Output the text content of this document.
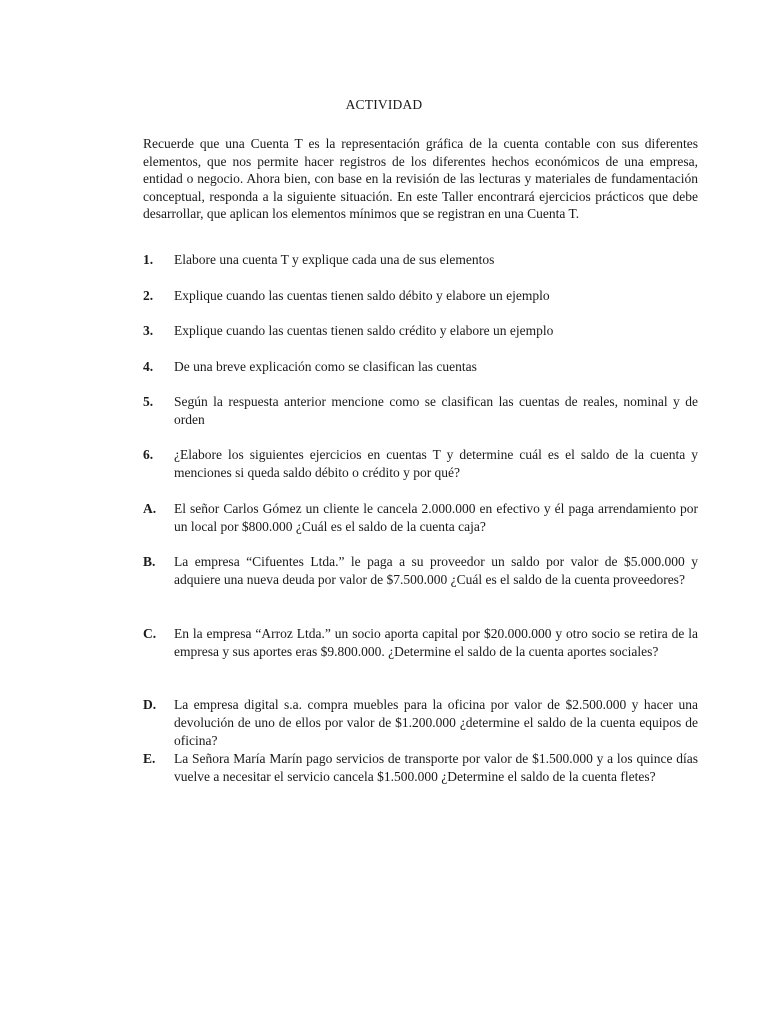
ACTIVIDAD
Recuerde que una Cuenta T es la representación gráfica de la cuenta contable con sus diferentes elementos, que nos permite hacer registros de los diferentes hechos económicos de una empresa, entidad o negocio. Ahora bien, con base en la revisión de las lecturas y materiales de fundamentación conceptual, responda a la siguiente situación. En este Taller encontrará ejercicios prácticos que debe desarrollar, que aplican los elementos mínimos que se registran en una Cuenta T.
1.	Elabore una cuenta T y explique cada una de sus elementos
2.	Explique cuando las cuentas tienen saldo débito y elabore un ejemplo
3.	Explique cuando las cuentas tienen saldo crédito y elabore un ejemplo
4.	De una breve explicación como se clasifican las cuentas
5.	Según la respuesta anterior mencione como se clasifican las cuentas de reales, nominal y de orden
6.	¿Elabore los siguientes ejercicios en cuentas T y determine cuál es el saldo de la cuenta y menciones si queda saldo débito o crédito y por qué?
A.	El señor Carlos Gómez un cliente le cancela 2.000.000 en efectivo y él paga arrendamiento por un local por $800.000 ¿Cuál es el saldo de la cuenta caja?
B.	La empresa “Cifuentes Ltda.” le paga a su proveedor un saldo por valor de $5.000.000 y adquiere una nueva deuda por valor de $7.500.000 ¿Cuál es el saldo de la cuenta proveedores?
C.	En la empresa “Arroz Ltda.” un socio aporta capital por $20.000.000 y otro socio se retira de la empresa y sus aportes eras $9.800.000. ¿Determine el saldo de la cuenta aportes sociales?
D.	La empresa digital s.a. compra muebles para la oficina por valor de $2.500.000 y hacer una devolución de uno de ellos por valor de $1.200.000 ¿determine el saldo de la cuenta equipos de oficina?
E.	La Señora María Marín pago servicios de transporte por valor de $1.500.000 y a los quince días vuelve a necesitar el servicio cancela $1.500.000 ¿Determine el saldo de la cuenta fletes?
